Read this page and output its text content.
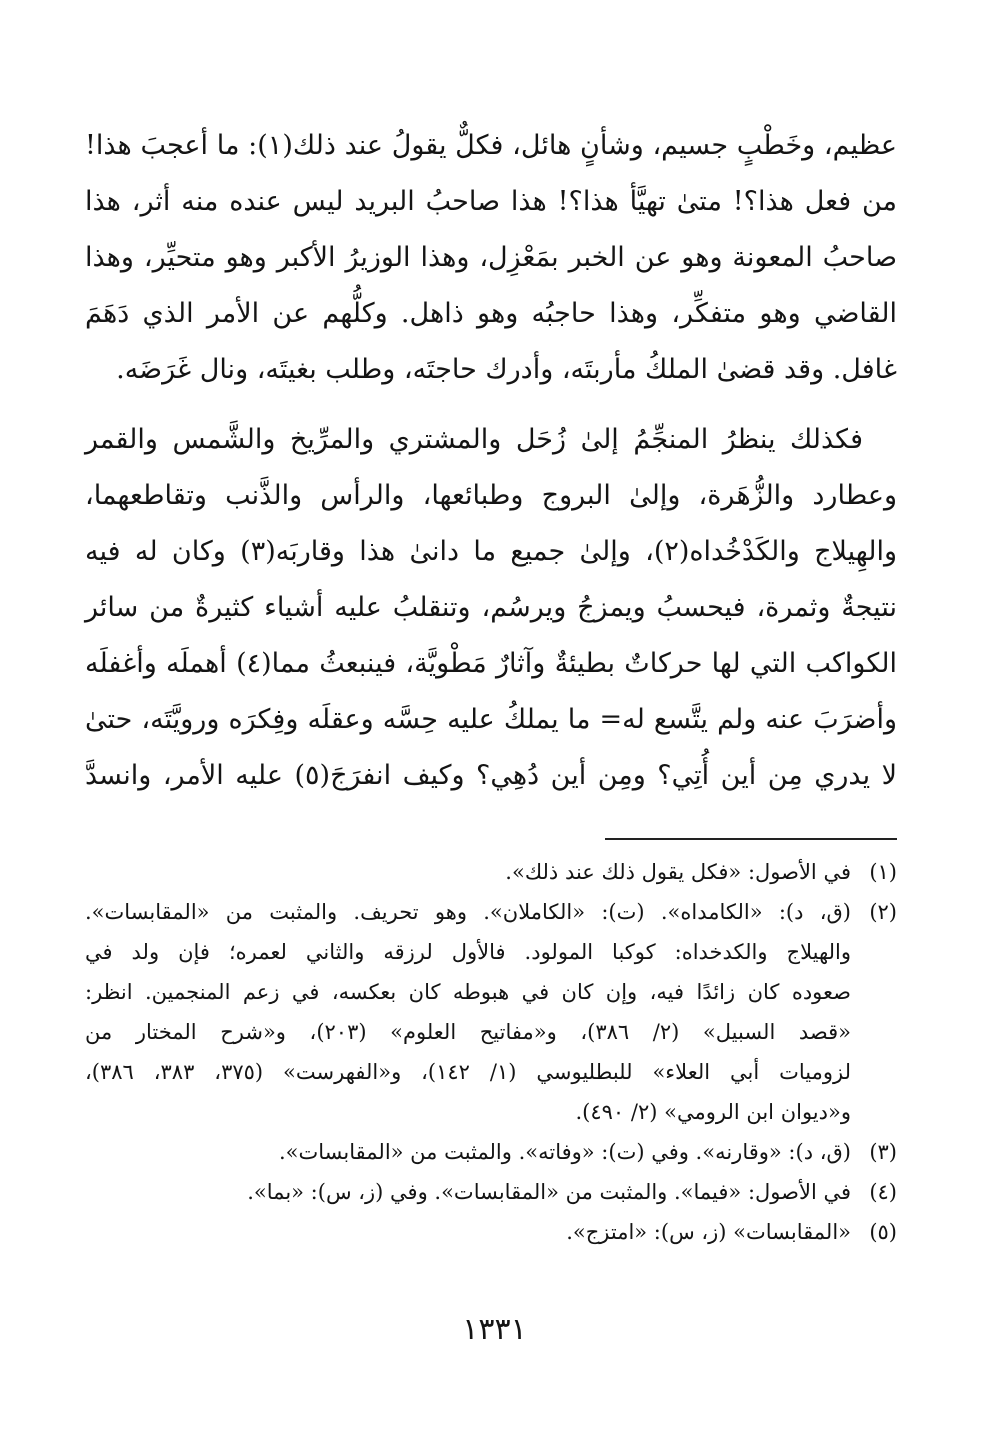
عظيم، وخَطْبٍ جسيم، وشأنٍ هائل، فكلٌّ يقولُ عند ذلك(١): ما أعجبَ هذا!
من فعل هذا؟! متىٰ تهيَّأ هذا؟! هذا صاحبُ البريد ليس عنده منه أثر، هذا
صاحبُ المعونة وهو عن الخبر بمَعْزِل، وهذا الوزيرُ الأكبر وهو متحيِّر، وهذا
القاضي وهو متفكِّر، وهذا حاجبُه وهو ذاهل. وكلُّهم عن الأمر الذي دَهَمَ
غافل. وقد قضىٰ الملكُ مأربتَه، وأدرك حاجتَه، وطلب بغيتَه، ونال غَرَضَه.
فكذلك ينظرُ المنجِّمُ إلىٰ زُحَل والمشتري والمرِّيخ والشَّمس والقمر
وعطارد والزُّهَرة، وإلىٰ البروج وطبائعها، والرأس والذَّنب وتقاطعهما،
والهِيلاج والكَدْخُداه(٢)، وإلىٰ جميع ما دانىٰ هذا وقاربَه(٣) وكان له فيه
نتيجةٌ وثمرة، فيحسبُ ويمزجُ ويرسُم، وتنقلبُ عليه أشياء كثيرةٌ من سائر
الكواكب التي لها حركاتٌ بطيئةٌ وآثارٌ مَطْويَّة، فينبعثُ مما(٤) أهملَه وأغفلَه
وأضرَبَ عنه ولم يتَّسع له= ما يملكُ عليه حِسَّه وعقلَه وفِكرَه ورويَّتَه، حتىٰ
لا يدري مِن أين أُتِي؟ ومِن أين دُهِي؟ وكيف انفرَجَ(٥) عليه الأمر، وانسدَّ
(١)
في الأصول: «فكل يقول ذلك عند ذلك».
(٢)
(ق، د): «الكامداه». (ت): «الكاملان». وهو تحريف. والمثبت من «المقابسات».
والهيلاج والكدخداه: كوكبا المولود. فالأول لرزقه والثاني لعمره؛ فإن ولد في
صعوده كان زائدًا فيه، وإن كان في هبوطه كان بعكسه، في زعم المنجمين. انظر:
«قصد السبيل» (٢/ ٣٨٦)، و«مفاتيح العلوم» (٢٠٣)، و«شرح المختار من
لزوميات أبي العلاء» للبطليوسي (١/ ١٤٢)، و«الفهرست» (٣٧٥، ٣٨٣، ٣٨٦)،
و«ديوان ابن الرومي» (٢/ ٤٩٠).
(٣)
(ق، د): «وقارنه». وفي (ت): «وفاته». والمثبت من «المقابسات».
(٤)
في الأصول: «فيما». والمثبت من «المقابسات». وفي (ز، س): «بما».
(٥)
«المقابسات» (ز، س): «امتزج».
١٣٣١
